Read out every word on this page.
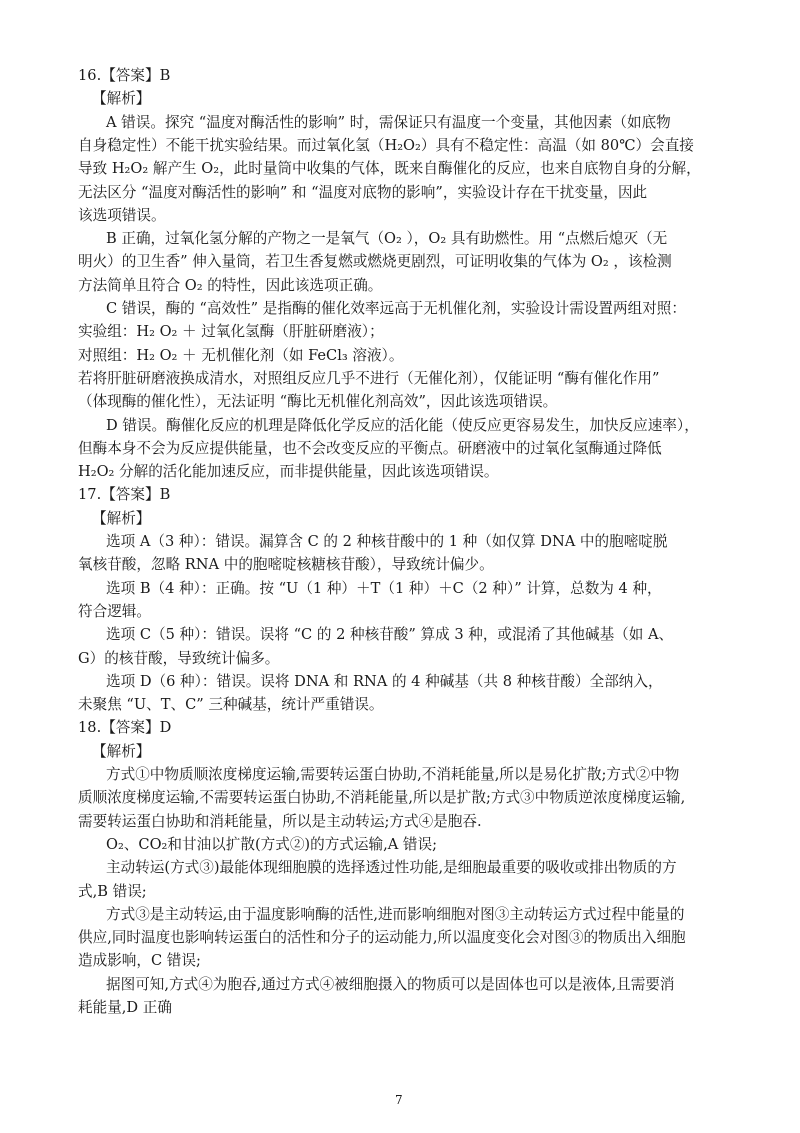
16.【答案】B
【解析】
A 错误。探究 “温度对酶活性的影响” 时，需保证只有温度一个变量，其他因素（如底物
自身稳定性）不能干扰实验结果。而过氧化氢（H₂O₂）具有不稳定性：高温（如 80℃）会直接
导致 H₂O₂ 解产生 O₂，此时量筒中收集的气体，既来自酶催化的反应，也来自底物自身的分解，
无法区分 “温度对酶活性的影响” 和 “温度对底物的影响”，实验设计存在干扰变量，因此
该选项错误。
B 正确，过氧化氢分解的产物之一是氧气（O₂ ），O₂ 具有助燃性。用 “点燃后熄灭（无
明火）的卫生香” 伸入量筒，若卫生香复燃或燃烧更剧烈，可证明收集的气体为 O₂ ，该检测
方法简单且符合 O₂ 的特性，因此该选项正确。
C 错误，酶的 “高效性” 是指酶的催化效率远高于无机催化剂，实验设计需设置两组对照：
实验组：H₂ O₂ ＋ 过氧化氢酶（肝脏研磨液）；
对照组：H₂ O₂ ＋ 无机催化剂（如 FeCl₃ 溶液）。
若将肝脏研磨液换成清水，对照组反应几乎不进行（无催化剂），仅能证明 “酶有催化作用”
（体现酶的催化性），无法证明 “酶比无机催化剂高效”，因此该选项错误。
D 错误。酶催化反应的机理是降低化学反应的活化能（使反应更容易发生，加快反应速率），
但酶本身不会为反应提供能量，也不会改变反应的平衡点。研磨液中的过氧化氢酶通过降低
H₂O₂ 分解的活化能加速反应，而非提供能量，因此该选项错误。
17.【答案】B
【解析】
选项 A（3 种）：错误。漏算含 C 的 2 种核苷酸中的 1 种（如仅算 DNA 中的胞嘧啶脱
氧核苷酸，忽略 RNA 中的胞嘧啶核糖核苷酸），导致统计偏少。
选项 B（4 种）：正确。按 “U（1 种）＋T（1 种）＋C（2 种）” 计算，总数为 4 种，
符合逻辑。
选项 C（5 种）：错误。误将 “C 的 2 种核苷酸” 算成 3 种，或混淆了其他碱基（如 A、
G）的核苷酸，导致统计偏多。
选项 D（6 种）：错误。误将 DNA 和 RNA 的 4 种碱基（共 8 种核苷酸）全部纳入，
未聚焦 “U、T、C” 三种碱基，统计严重错误。
18.【答案】D
【解析】
方式①中物质顺浓度梯度运输,需要转运蛋白协助,不消耗能量,所以是易化扩散;方式②中物
质顺浓度梯度运输,不需要转运蛋白协助,不消耗能量,所以是扩散;方式③中物质逆浓度梯度运输,
需要转运蛋白协助和消耗能量，所以是主动转运;方式④是胞吞.
O₂、CO₂和甘油以扩散(方式②)的方式运输,A 错误;
主动转运(方式③)最能体现细胞膜的选择透过性功能,是细胞最重要的吸收或排出物质的方
式,B 错误;
方式③是主动转运,由于温度影响酶的活性,进而影响细胞对图③主动转运方式过程中能量的
供应,同时温度也影响转运蛋白的活性和分子的运动能力,所以温度变化会对图③的物质出入细胞
造成影响，C 错误;
据图可知,方式④为胞吞,通过方式④被细胞摄入的物质可以是固体也可以是液体,且需要消
耗能量,D 正确
7
